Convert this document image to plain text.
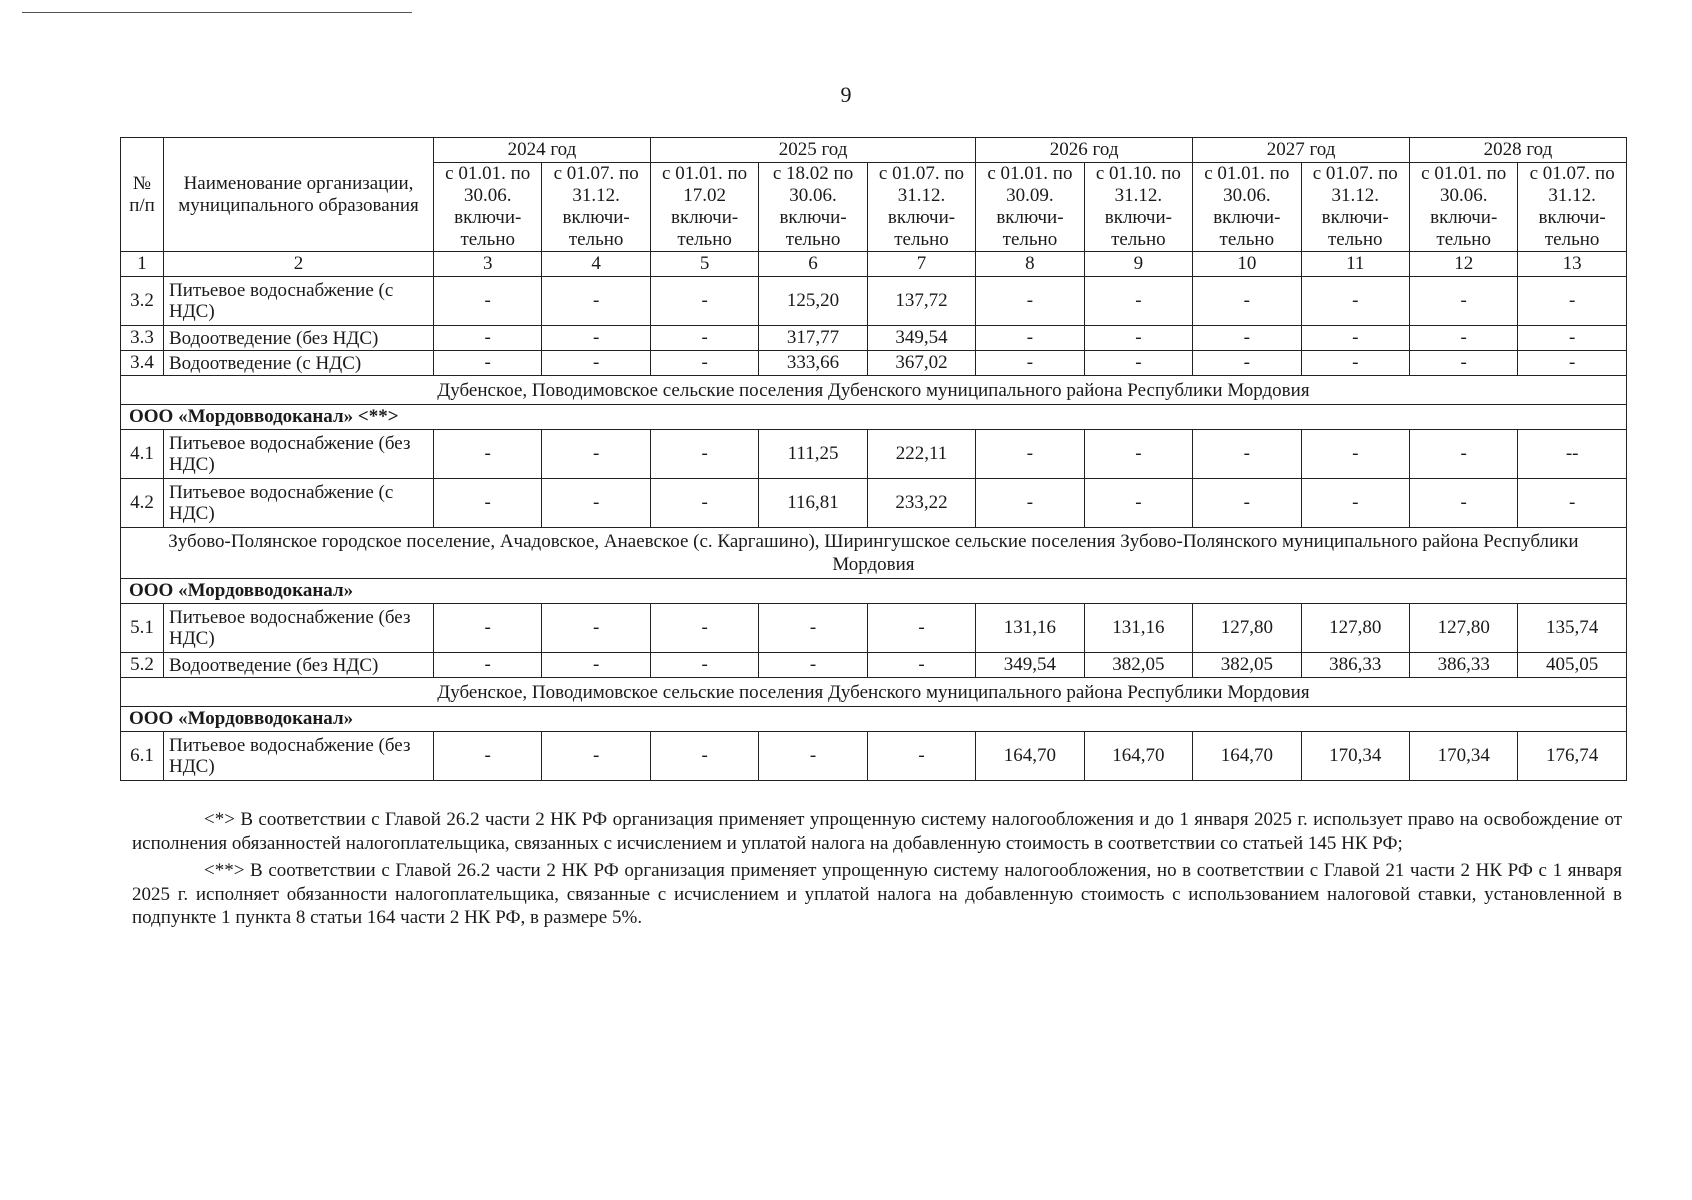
9
№ п/п	Наименование организации, муниципального образования	2024 год		2025 год			2026 год		2027 год		2028 год	
		с 01.01. по 30.06. включи-тельно	с 01.07. по 31.12. включи-тельно	с 01.01. по 17.02 включи-тельно	с 18.02 по 30.06. включи-тельно	с 01.07. по 31.12. включи-тельно	с 01.01. по 30.09. включи-тельно	с 01.10. по 31.12. включи-тельно	с 01.01. по 30.06. включи-тельно	с 01.07. по 31.12. включи-тельно	с 01.01. по 30.06. включи-тельно	с 01.07. по 31.12. включи-тельно
1	2	3	4	5	6	7	8	9	10	11	12	13
3.2	Питьевое водоснабжение (с НДС)	-	-	-	125,20	137,72	-	-	-	-	-	-
3.3	Водоотведение (без НДС)	-	-	-	317,77	349,54	-	-	-	-	-	-
3.4	Водоотведение (с НДС)	-	-	-	333,66	367,02	-	-	-	-	-	-
Дубенское, Поводимовское сельские поселения Дубенского муниципального района Республики Мордовия												
ООО «Мордовводоканал» <**>												
4.1	Питьевое водоснабжение (без НДС)	-	-	-	111,25	222,11	-	-	-	-	-	--
4.2	Питьевое водоснабжение (с НДС)	-	-	-	116,81	233,22	-	-	-	-	-	-
Зубово-Полянское городское поселение, Ачадовское, Анаевское (с. Каргашино), Ширингушское сельские поселения Зубово-Полянского муниципального района Республики Мордовия												
ООО «Мордовводоканал»												
5.1	Питьевое водоснабжение (без НДС)	-	-	-	-	-	131,16	131,16	127,80	127,80	127,80	135,74
5.2	Водоотведение (без НДС)	-	-	-	-	-	349,54	382,05	382,05	386,33	386,33	405,05
Дубенское, Поводимовское сельские поселения Дубенского муниципального района Республики Мордовия												
ООО «Мордовводоканал»												
6.1	Питьевое водоснабжение (без НДС)	-	-	-	-	-	164,70	164,70	164,70	170,34	170,34	176,74

<*> В соответствии с Главой 26.2 части 2 НК РФ организация применяет упрощенную систему налогообложения и до 1 января 2025 г. использует право на освобождение от исполнения обязанностей налогоплательщика, связанных с исчислением и уплатой налога на добавленную стоимость в соответствии со статьей 145 НК РФ;

<**> В соответствии с Главой 26.2 части 2 НК РФ организация применяет упрощенную систему налогообложения, но в соответствии с Главой 21 части 2 НК РФ с 1 января 2025 г. исполняет обязанности налогоплательщика, связанные с исчислением и уплатой налога на добавленную стоимость с использованием налоговой ставки, установленной в подпункте 1 пункта 8 статьи 164 части 2 НК РФ, в размере 5%.
